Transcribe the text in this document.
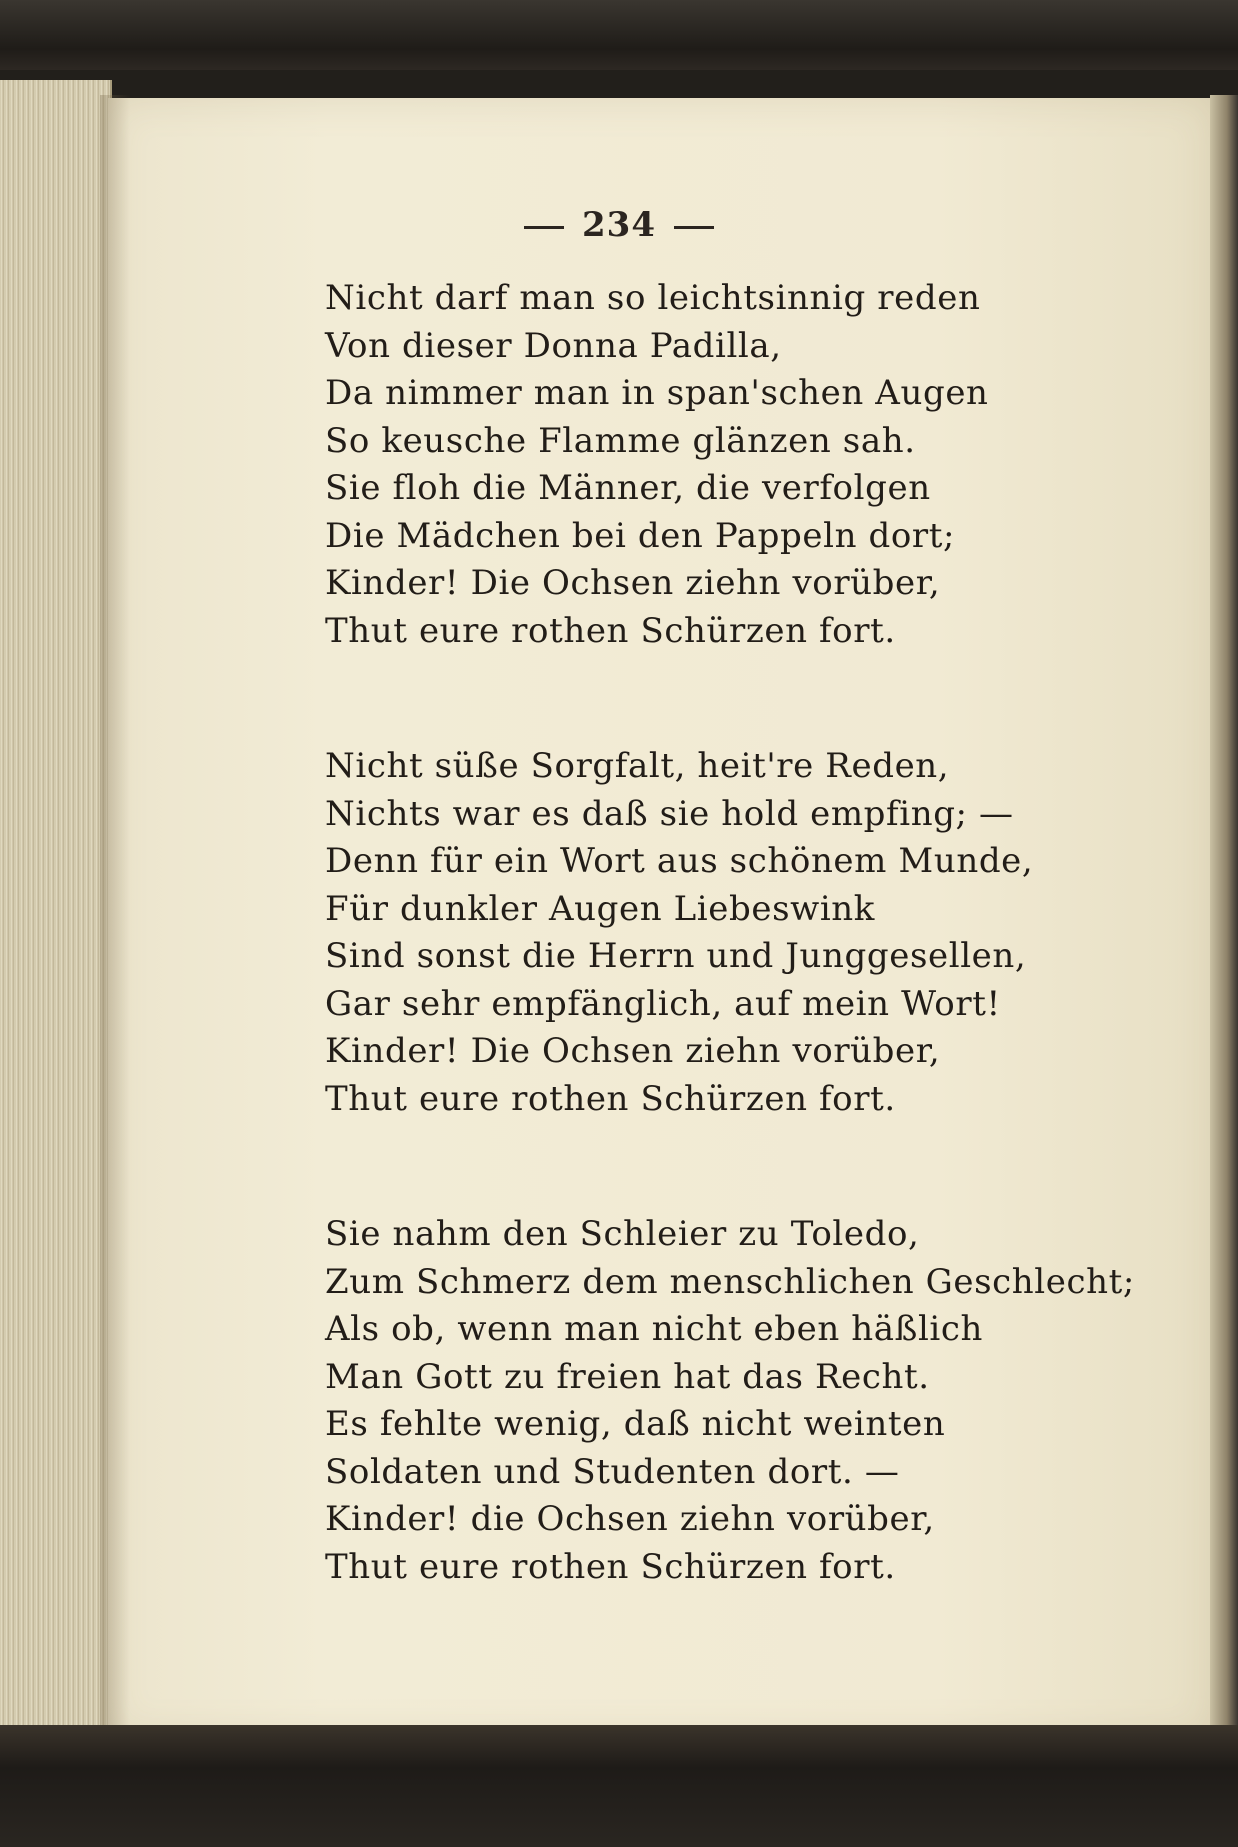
234
Nicht darf man so leichtsinnig reden
Von dieser Donna Padilla,
Da nimmer man in span'schen Augen
So keusche Flamme glänzen sah.
Sie floh die Männer, die verfolgen
Die Mädchen bei den Pappeln dort;
Kinder! Die Ochsen ziehn vorüber,
Thut eure rothen Schürzen fort.
Nicht süße Sorgfalt, heit're Reden,
Nichts war es daß sie hold empfing; —
Denn für ein Wort aus schönem Munde,
Für dunkler Augen Liebeswink
Sind sonst die Herrn und Junggesellen,
Gar sehr empfänglich, auf mein Wort!
Kinder! Die Ochsen ziehn vorüber,
Thut eure rothen Schürzen fort.
Sie nahm den Schleier zu Toledo,
Zum Schmerz dem menschlichen Geschlecht;
Als ob, wenn man nicht eben häßlich
Man Gott zu freien hat das Recht.
Es fehlte wenig, daß nicht weinten
Soldaten und Studenten dort. —
Kinder! die Ochsen ziehn vorüber,
Thut eure rothen Schürzen fort.
